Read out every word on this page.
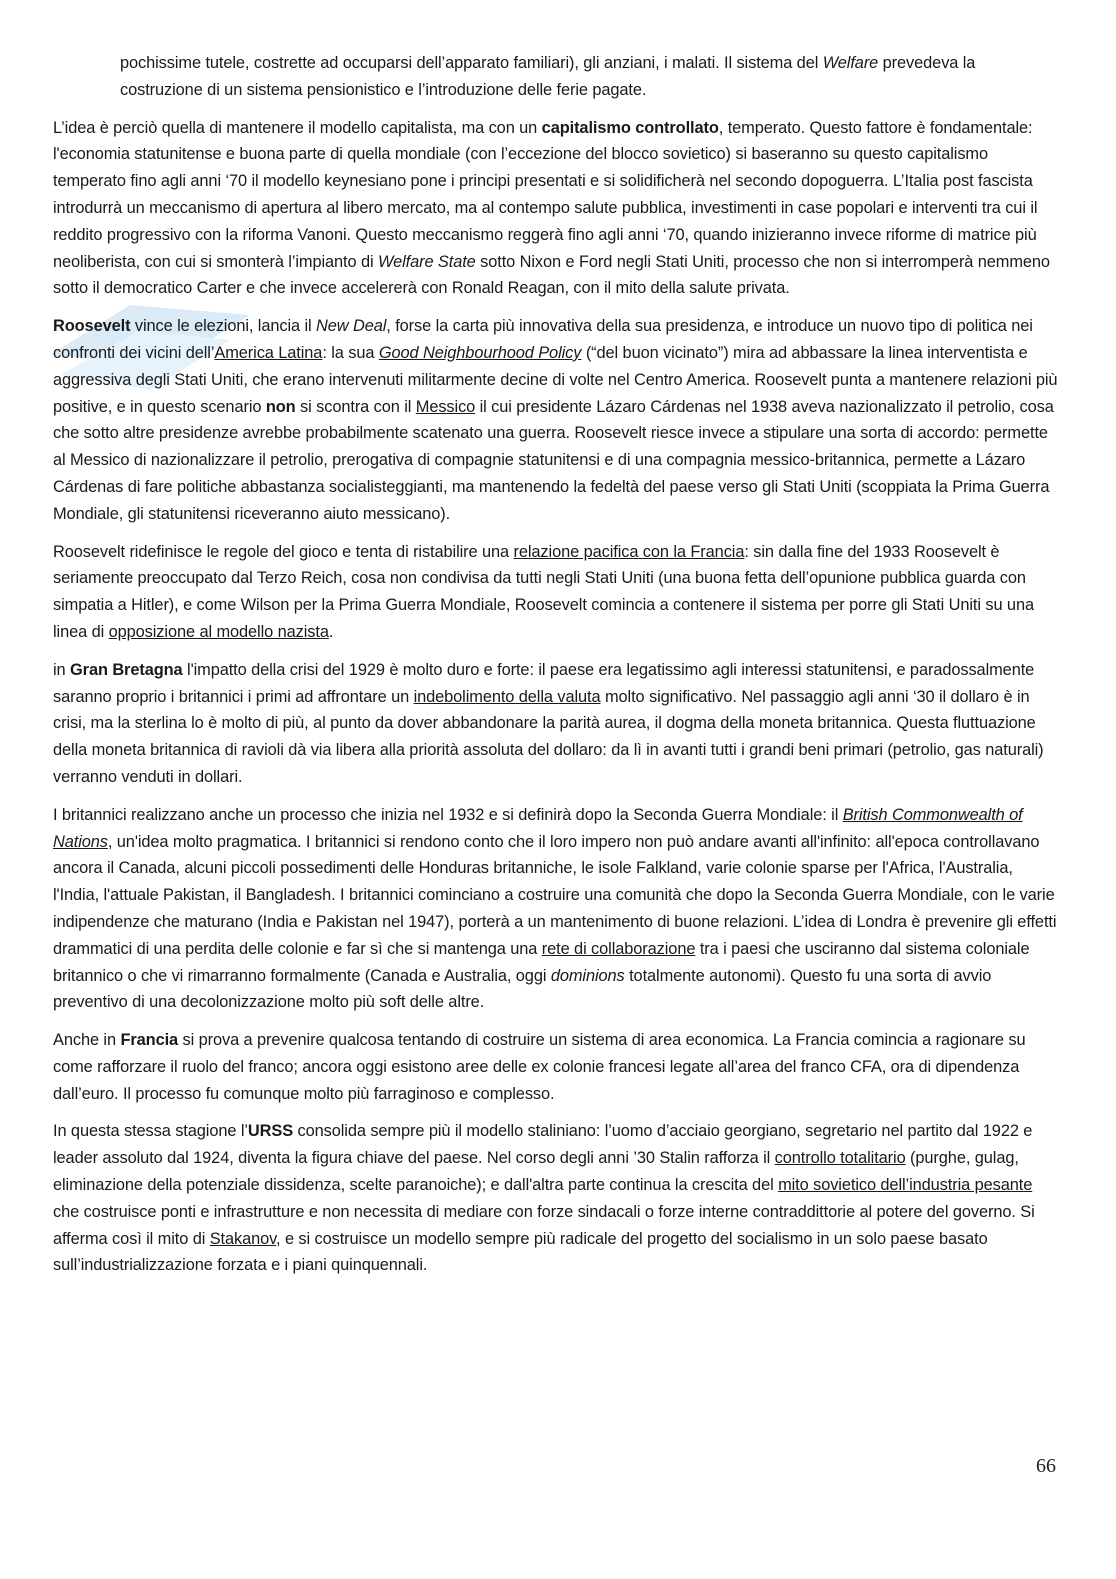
pochissime tutele, costrette ad occuparsi dell’apparato familiari), gli anziani, i malati. Il sistema del Welfare prevedeva la costruzione di un sistema pensionistico e l’introduzione delle ferie pagate.

L’idea è perciò quella di mantenere il modello capitalista, ma con un capitalismo controllato, temperato. Questo fattore è fondamentale: l'economia statunitense e buona parte di quella mondiale (con l’eccezione del blocco sovietico) si baseranno su questo capitalismo temperato fino agli anni ‘70 il modello keynesiano pone i principi presentati e si solidificherà nel secondo dopoguerra. L’Italia post fascista introdurrà un meccanismo di apertura al libero mercato, ma al contempo salute pubblica, investimenti in case popolari e interventi tra cui il reddito progressivo con la riforma Vanoni. Questo meccanismo reggerà fino agli anni ‘70, quando inizieranno invece riforme di matrice più neoliberista, con cui si smonterà l’impianto di Welfare State sotto Nixon e Ford negli Stati Uniti, processo che non si interromperà nemmeno sotto il democratico Carter e che invece accelererà con Ronald Reagan, con il mito della salute privata.

Roosevelt vince le elezioni, lancia il New Deal, forse la carta più innovativa della sua presidenza, e introduce un nuovo tipo di politica nei confronti dei vicini dell’America Latina: la sua Good Neighbourhood Policy (“del buon vicinato”) mira ad abbassare la linea interventista e aggressiva degli Stati Uniti, che erano intervenuti militarmente decine di volte nel Centro America. Roosevelt punta a mantenere relazioni più positive, e in questo scenario non si scontra con il Messico il cui presidente Lázaro Cárdenas nel 1938 aveva nazionalizzato il petrolio, cosa che sotto altre presidenze avrebbe probabilmente scatenato una guerra. Roosevelt riesce invece a stipulare una sorta di accordo: permette al Messico di nazionalizzare il petrolio, prerogativa di compagnie statunitensi e di una compagnia messico-britannica, permette a Lázaro Cárdenas di fare politiche abbastanza socialisteggianti, ma mantenendo la fedeltà del paese verso gli Stati Uniti (scoppiata la Prima Guerra Mondiale, gli statunitensi riceveranno aiuto messicano).

Roosevelt ridefinisce le regole del gioco e tenta di ristabilire una relazione pacifica con la Francia: sin dalla fine del 1933 Roosevelt è seriamente preoccupato dal Terzo Reich, cosa non condivisa da tutti negli Stati Uniti (una buona fetta dell’opunione pubblica guarda con simpatia a Hitler), e come Wilson per la Prima Guerra Mondiale, Roosevelt comincia a contenere il sistema per porre gli Stati Uniti su una linea di opposizione al modello nazista.

in Gran Bretagna l'impatto della crisi del 1929 è molto duro e forte: il paese era legatissimo agli interessi statunitensi, e paradossalmente saranno proprio i britannici i primi ad affrontare un indebolimento della valuta molto significativo. Nel passaggio agli anni ‘30 il dollaro è in crisi, ma la sterlina lo è molto di più, al punto da dover abbandonare la parità aurea, il dogma della moneta britannica. Questa fluttuazione della moneta britannica di ravioli dà via libera alla priorità assoluta del dollaro: da lì in avanti tutti i grandi beni primari (petrolio, gas naturali) verranno venduti in dollari.

I britannici realizzano anche un processo che inizia nel 1932 e si definirà dopo la Seconda Guerra Mondiale: il British Commonwealth of Nations, un'idea molto pragmatica. I britannici si rendono conto che il loro impero non può andare avanti all'infinito: all'epoca controllavano ancora il Canada, alcuni piccoli possedimenti delle Honduras britanniche, le isole Falkland, varie colonie sparse per l'Africa, l'Australia, l'India, l'attuale Pakistan, il Bangladesh. I britannici cominciano a costruire una comunità che dopo la Seconda Guerra Mondiale, con le varie indipendenze che maturano (India e Pakistan nel 1947), porterà a un mantenimento di buone relazioni. L’idea di Londra è prevenire gli effetti drammatici di una perdita delle colonie e far sì che si mantenga una rete di collaborazione tra i paesi che usciranno dal sistema coloniale britannico o che vi rimarranno formalmente (Canada e Australia, oggi dominions totalmente autonomi). Questo fu una sorta di avvio preventivo di una decolonizzazione molto più soft delle altre.

Anche in Francia si prova a prevenire qualcosa tentando di costruire un sistema di area economica. La Francia comincia a ragionare su come rafforzare il ruolo del franco; ancora oggi esistono aree delle ex colonie francesi legate all’area del franco CFA, ora di dipendenza dall’euro. Il processo fu comunque molto più farraginoso e complesso.

In questa stessa stagione l’URSS consolida sempre più il modello staliniano: l’uomo d’acciaio georgiano, segretario nel partito dal 1922 e leader assoluto dal 1924, diventa la figura chiave del paese. Nel corso degli anni ’30 Stalin rafforza il controllo totalitario (purghe, gulag, eliminazione della potenziale dissidenza, scelte paranoiche); e dall'altra parte continua la crescita del mito sovietico dell’industria pesante che costruisce ponti e infrastrutture e non necessita di mediare con forze sindacali o forze interne contraddittorie al potere del governo. Si afferma così il mito di Stakanov, e si costruisce un modello sempre più radicale del progetto del socialismo in un solo paese basato sull’industrializzazione forzata e i piani quinquennali.

66
